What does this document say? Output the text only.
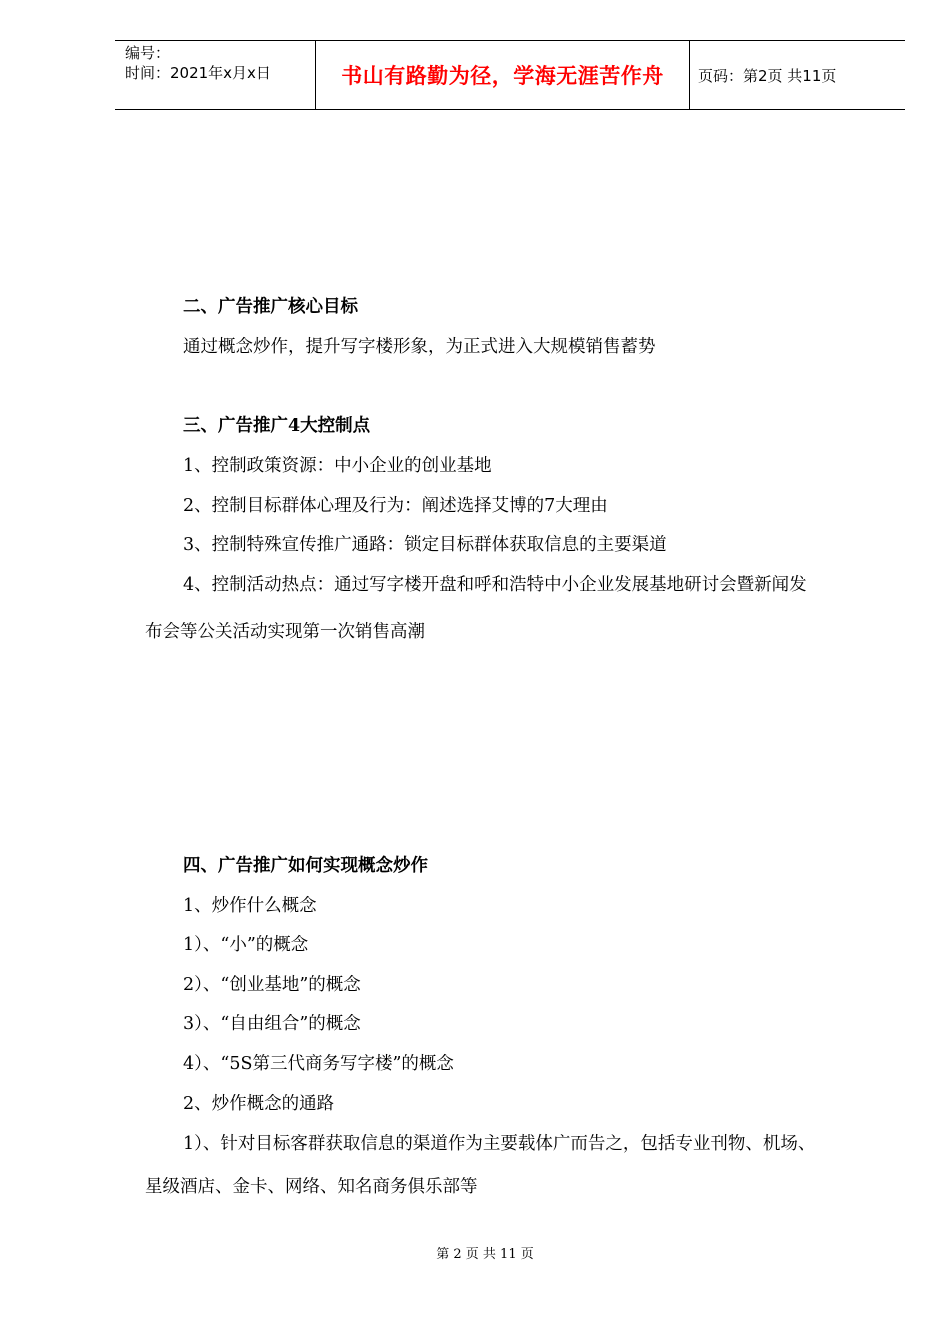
编号：
时间：2021年x月x日	书山有路勤为径，学海无涯苦作舟	页码：第2页 共11页
二、广告推广核心目标
通过概念炒作，提升写字楼形象，为正式进入大规模销售蓄势
三、广告推广4大控制点
1、控制政策资源：中小企业的创业基地
2、控制目标群体心理及行为：阐述选择艾博的7大理由
3、控制特殊宣传推广通路：锁定目标群体获取信息的主要渠道
4、控制活动热点：通过写字楼开盘和呼和浩特中小企业发展基地研讨会暨新闻发
布会等公关活动实现第一次销售高潮
四、广告推广如何实现概念炒作
1、炒作什么概念
1）、“小”的概念
2）、“创业基地”的概念
3）、“自由组合”的概念
4）、“5S第三代商务写字楼”的概念
2、炒作概念的通路
1）、针对目标客群获取信息的渠道作为主要载体广而告之，包括专业刊物、机场、
星级酒店、金卡、网络、知名商务俱乐部等
第 2 页 共 11 页
